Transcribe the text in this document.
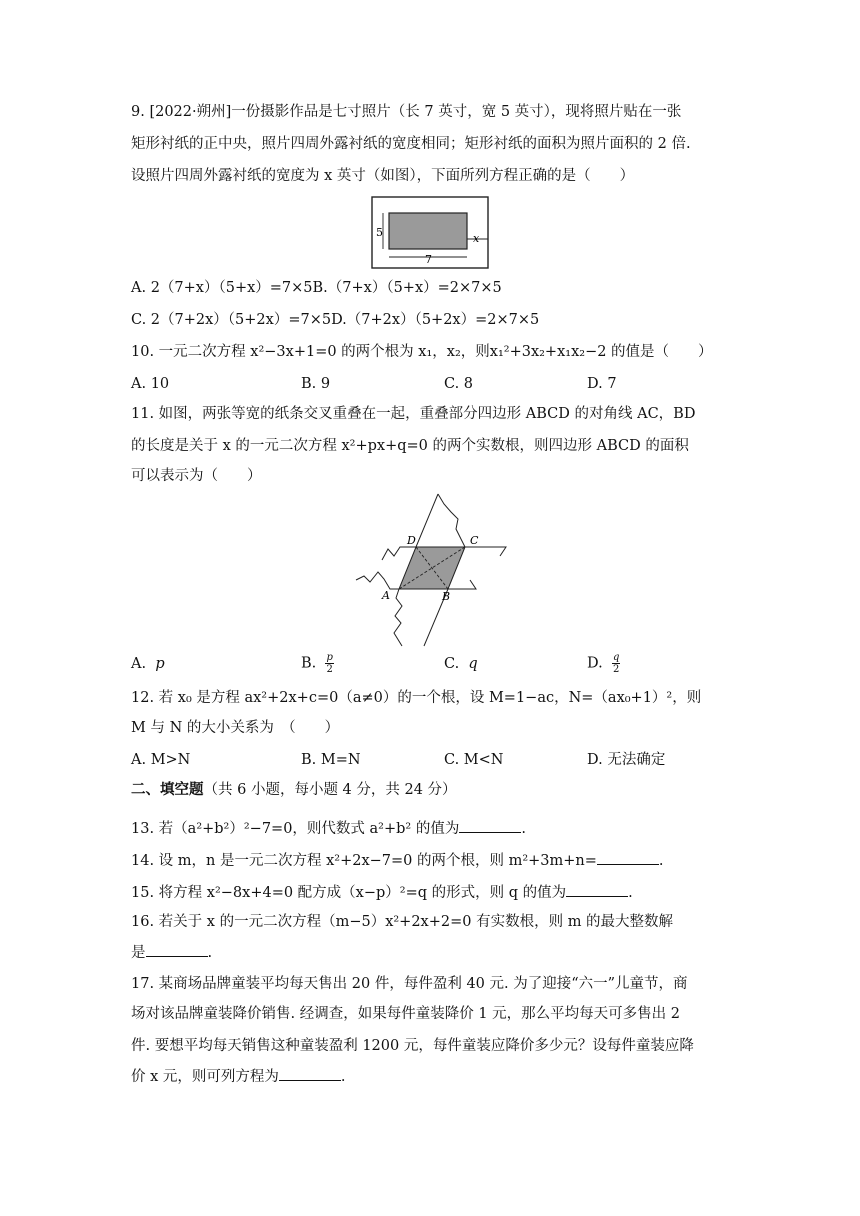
9. [2022·朔州]一份摄影作品是七寸照片（长 7 英寸，宽 5 英寸），现将照片贴在一张
矩形衬纸的正中央，照片四周外露衬纸的宽度相同；矩形衬纸的面积为照片面积的 2 倍.
设照片四周外露衬纸的宽度为 x 英寸（如图），下面所列方程正确的是（　　）
5
7
x
A. 2（7+x）（5+x）=7×5B.（7+x）（5+x）=2×7×5
C. 2（7+2x）（5+2x）=7×5D.（7+2x）（5+2x）=2×7×5
10. 一元二次方程 x²−3x+1=0 的两个根为 x₁，x₂，则x₁²+3x₂+x₁x₂−2 的值是（　　）
A. 10	B. 9	C. 8	D. 7
11. 如图，两张等宽的纸条交叉重叠在一起，重叠部分四边形 ABCD 的对角线 AC，BD
的长度是关于 x 的一元二次方程 x²+px+q=0 的两个实数根，则四边形 ABCD 的面积
可以表示为（　　）
D	C
A	B
A. p	B. $\frac{p}{2}$	C. q	D. $\frac{q}{2}$
12. 若 x₀ 是方程 ax²+2x+c=0（a≠0）的一个根，设 M=1−ac，N=（ax₀+1）²，则
M 与 N 的大小关系为　（　　）
A. M>N	B. M=N	C. M<N	D. 无法确定
二、填空题（共 6 小题，每小题 4 分，共 24 分）
13. 若（a²+b²）²−7=0，则代数式 a²+b² 的值为	.
14. 设 m，n 是一元二次方程 x²+2x−7=0 的两个根，则 m²+3m+n=	.
15. 将方程 x²−8x+4=0 配方成（x−p）²=q 的形式，则 q 的值为	.
16. 若关于 x 的一元二次方程（m−5）x²+2x+2=0 有实数根，则 m 的最大整数解
是	.
17. 某商场品牌童装平均每天售出 20 件，每件盈利 40 元. 为了迎接“六一”儿童节，商
场对该品牌童装降价销售. 经调查，如果每件童装降价 1 元，那么平均每天可多售出 2
件. 要想平均每天销售这种童装盈利 1200 元，每件童装应降价多少元？设每件童装应降
价 x 元，则可列方程为	.
